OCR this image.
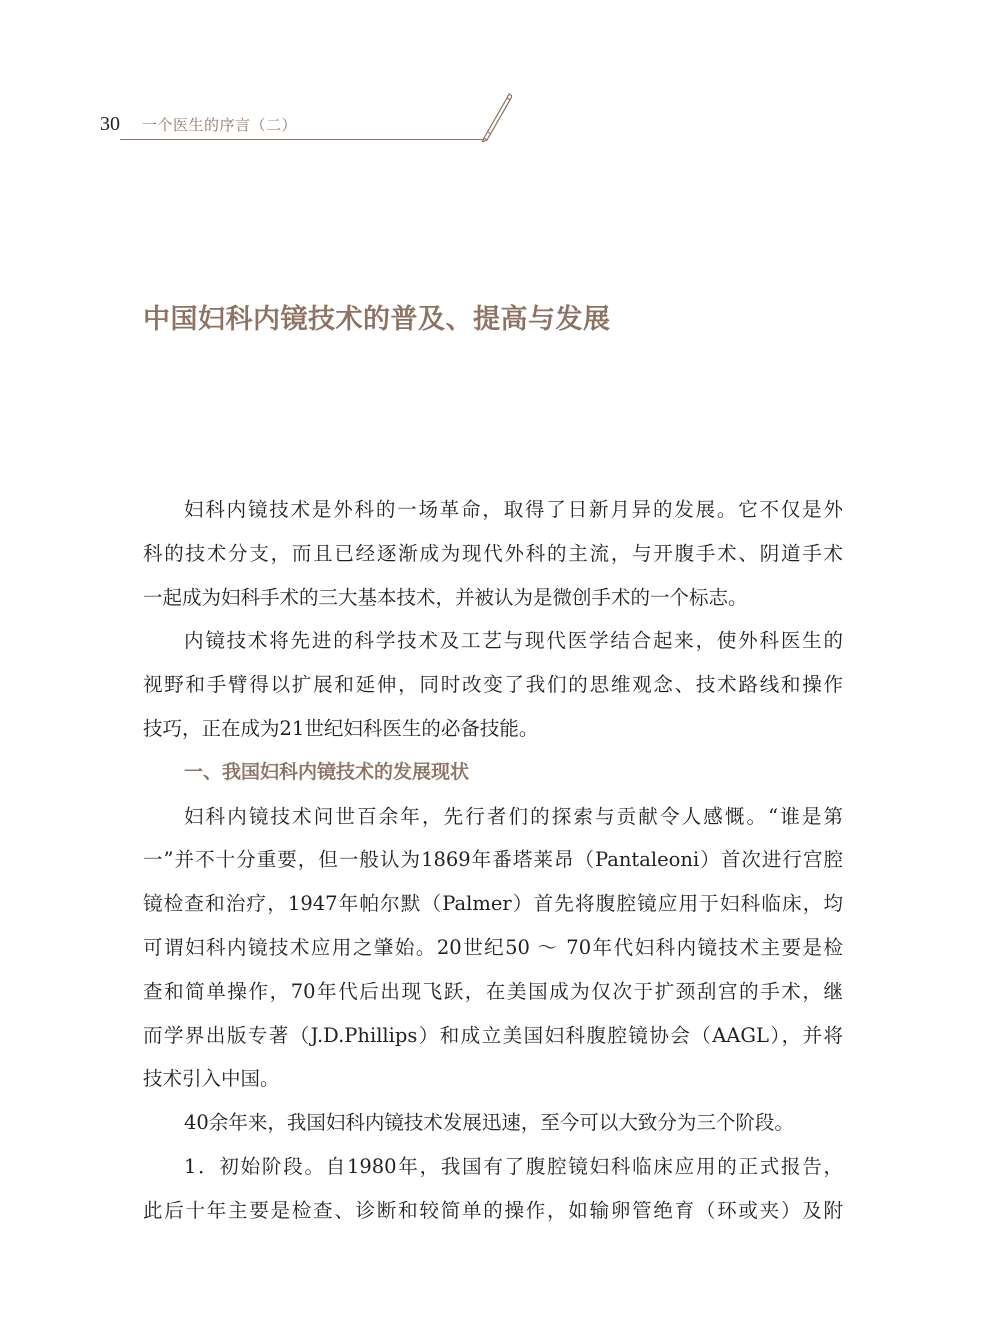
30 一个医生的序言（二）
中国妇科内镜技术的普及、提高与发展
妇科内镜技术是外科的一场革命，取得了日新月异的发展。它不仅是外
科的技术分支，而且已经逐渐成为现代外科的主流，与开腹手术、阴道手术
一起成为妇科手术的三大基本技术，并被认为是微创手术的一个标志。
内镜技术将先进的科学技术及工艺与现代医学结合起来，使外科医生的
视野和手臂得以扩展和延伸，同时改变了我们的思维观念、技术路线和操作
技巧，正在成为21世纪妇科医生的必备技能。
一、我国妇科内镜技术的发展现状
妇科内镜技术问世百余年，先行者们的探索与贡献令人感慨。“谁是第
一”并不十分重要，但一般认为1869年番塔莱昂（Pantaleoni）首次进行宫腔
镜检查和治疗，1947年帕尔默（Palmer）首先将腹腔镜应用于妇科临床，均
可谓妇科内镜技术应用之肇始。20世纪50 ～ 70年代妇科内镜技术主要是检
查和简单操作，70年代后出现飞跃，在美国成为仅次于扩颈刮宫的手术，继
而学界出版专著（J.D.Phillips）和成立美国妇科腹腔镜协会（AAGL），并将
技术引入中国。
40余年来，我国妇科内镜技术发展迅速，至今可以大致分为三个阶段。
1．初始阶段。自1980年，我国有了腹腔镜妇科临床应用的正式报告，
此后十年主要是检查、诊断和较简单的操作，如输卵管绝育（环或夹）及附
